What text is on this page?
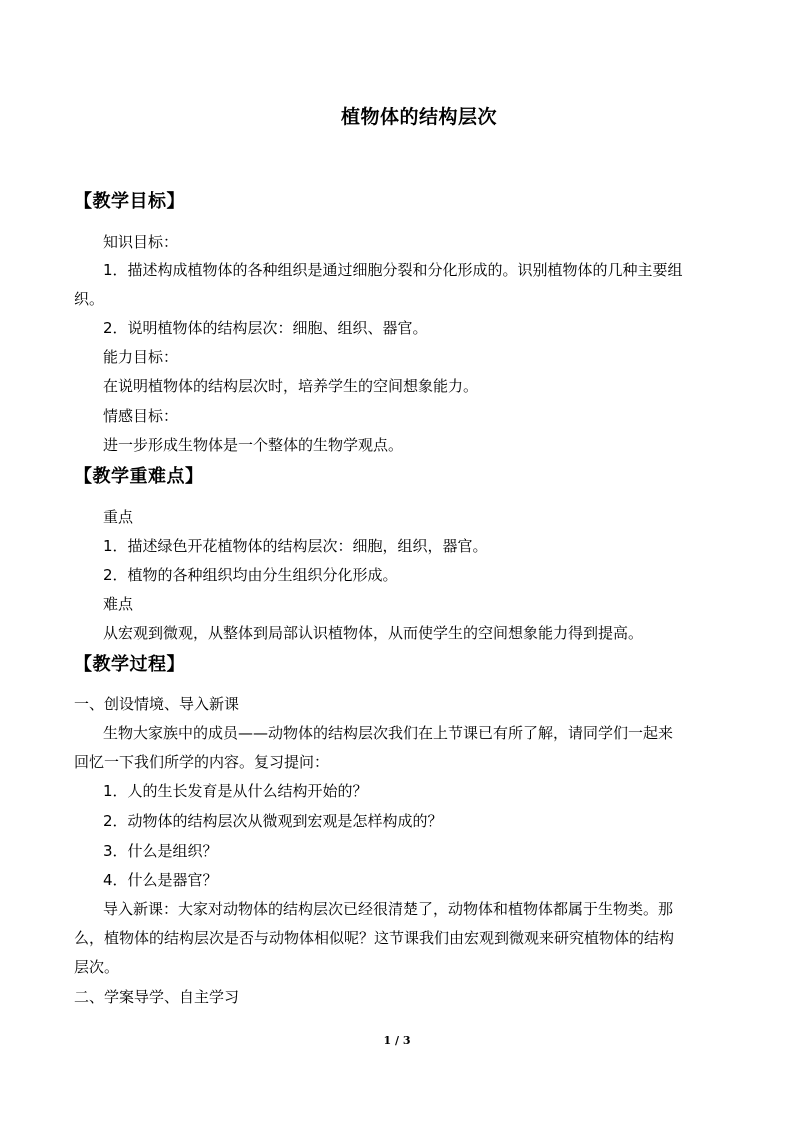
植物体的结构层次
【教学目标】
知识目标：
1．描述构成植物体的各种组织是通过细胞分裂和分化形成的。识别植物体的几种主要组
织。
2．说明植物体的结构层次：细胞、组织、器官。
能力目标：
在说明植物体的结构层次时，培养学生的空间想象能力。
情感目标：
进一步形成生物体是一个整体的生物学观点。
【教学重难点】
重点
1．描述绿色开花植物体的结构层次：细胞，组织，器官。
2．植物的各种组织均由分生组织分化形成。
难点
从宏观到微观，从整体到局部认识植物体，从而使学生的空间想象能力得到提高。
【教学过程】
一、创设情境、导入新课
生物大家族中的成员——动物体的结构层次我们在上节课已有所了解，请同学们一起来
回忆一下我们所学的内容。复习提问：
1．人的生长发育是从什么结构开始的？
2．动物体的结构层次从微观到宏观是怎样构成的？
3．什么是组织？
4．什么是器官？
导入新课：大家对动物体的结构层次已经很清楚了，动物体和植物体都属于生物类。那
么，植物体的结构层次是否与动物体相似呢？这节课我们由宏观到微观来研究植物体的结构
层次。
二、学案导学、自主学习
1 / 3
